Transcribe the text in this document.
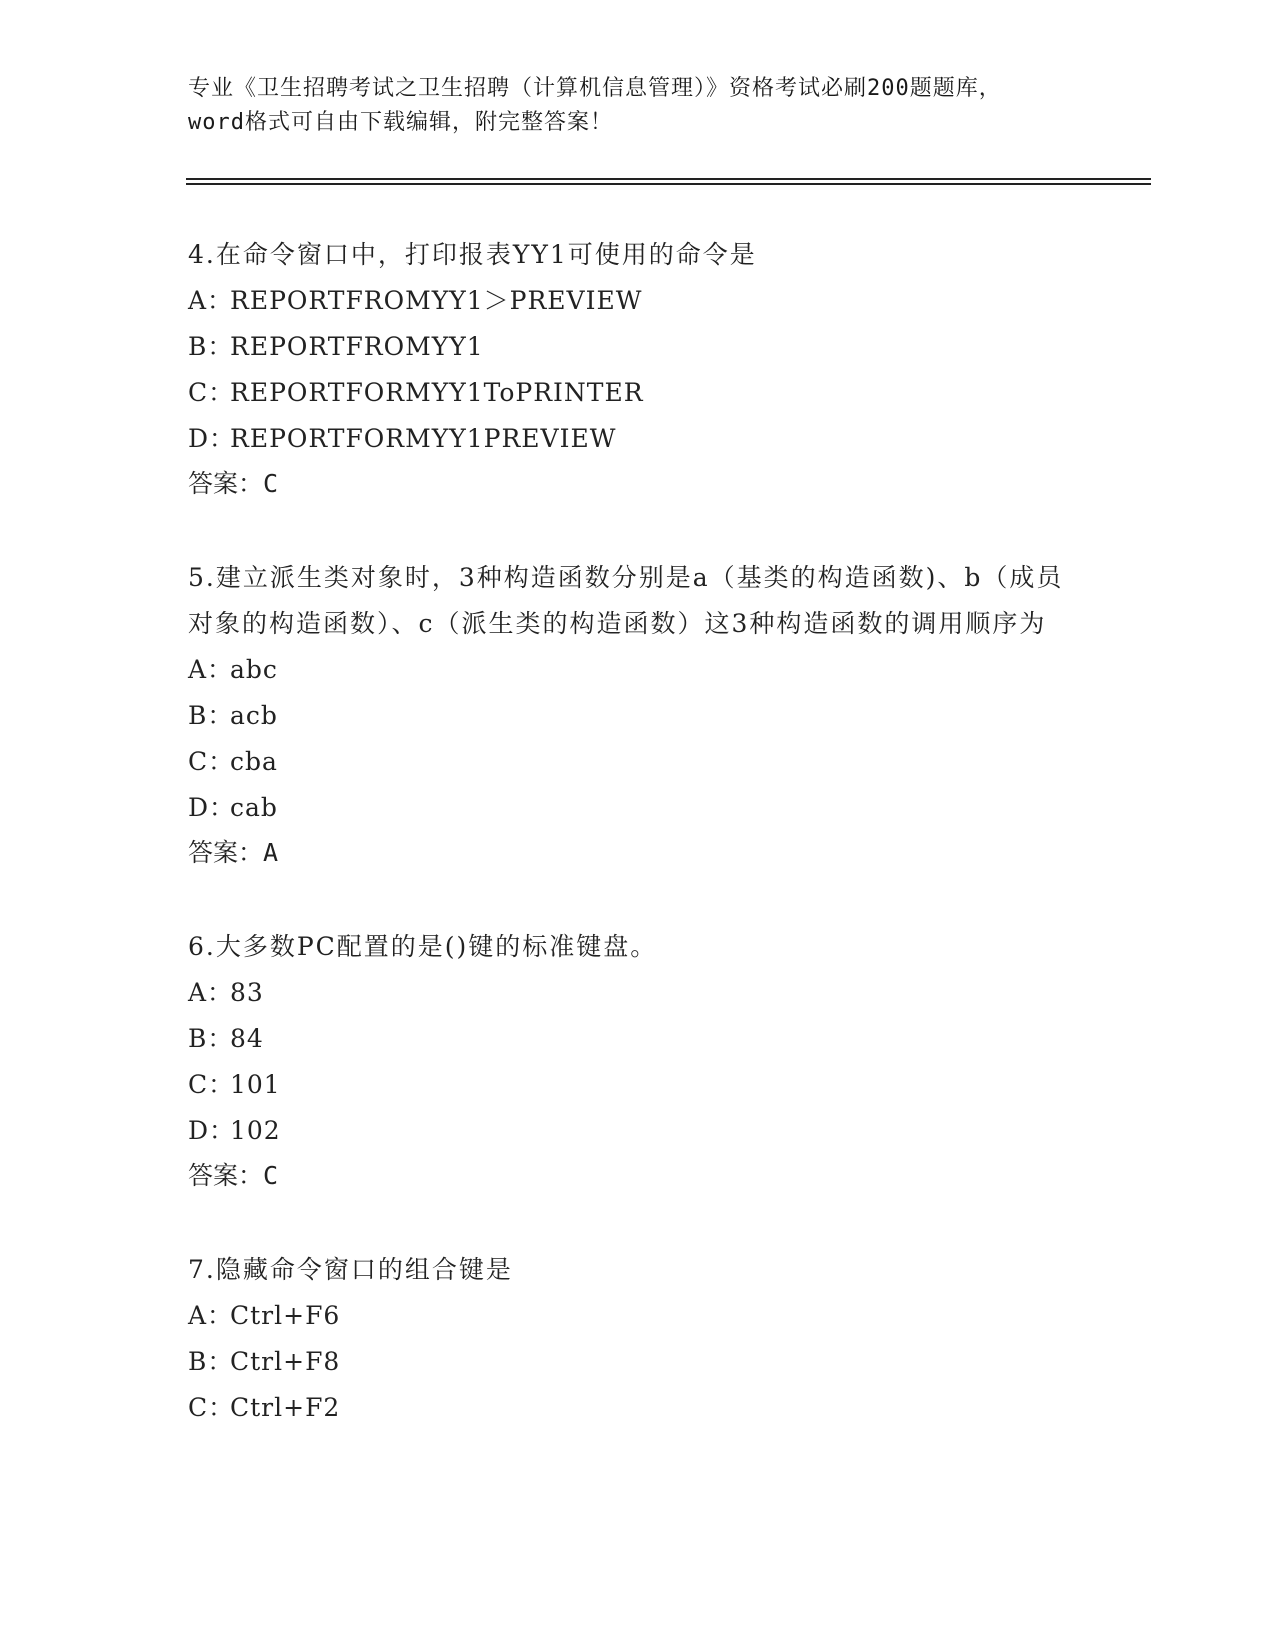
专业《卫生招聘考试之卫生招聘（计算机信息管理）》资格考试必刷200题题库，
word格式可自由下载编辑，附完整答案！
4.在命令窗口中，打印报表YY1可使用的命令是
A：REPORTFROMYY1＞PREVIEW
B：REPORTFROMYY1
C：REPORTFORMYY1ToPRINTER
D：REPORTFORMYY1PREVIEW
答案：C
5.建立派生类对象时，3种构造函数分别是a（基类的构造函数)、b（成员对象的构造函数）、c（派生类的构造函数）这3种构造函数的调用顺序为
A：abc
B：acb
C：cba
D：cab
答案：A
6.大多数PC配置的是()键的标准键盘。
A：83
B：84
C：101
D：102
答案：C
7.隐藏命令窗口的组合键是
A：Ctrl+F6
B：Ctrl+F8
C：Ctrl+F2
